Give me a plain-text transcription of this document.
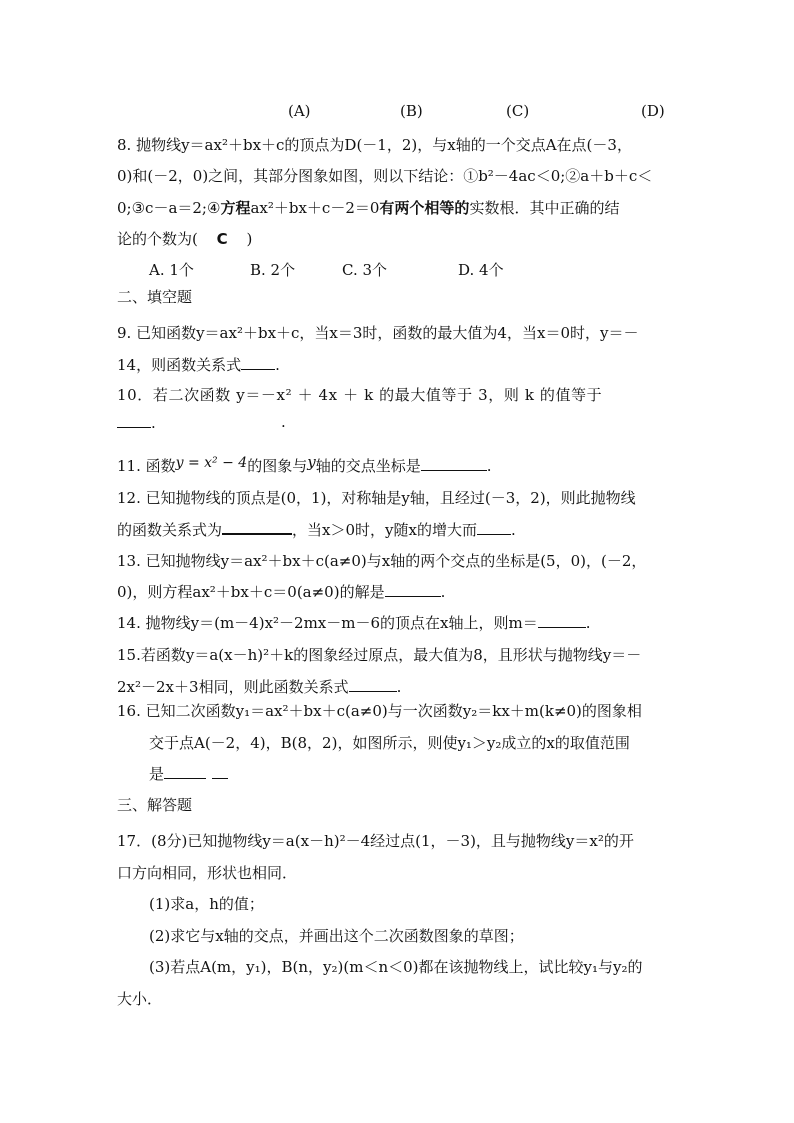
(A)	(B)	(C)	(D)
8. 抛物线y＝ax²＋bx＋c的顶点为D(－1，2)，与x轴的一个交点A在点(－3，
0)和(－2，0)之间，其部分图象如图，则以下结论：①b²－4ac＜0;②a＋b＋c＜
0;③c－a＝2;④方程ax²＋bx＋c－2＝0有两个相等的实数根．其中正确的结
论的个数为( C )
A. 1个	B. 2个	C. 3个	D. 4个
二、填空题
9. 已知函数y＝ax²＋bx＋c，当x＝3时，函数的最大值为4，当x＝0时，y＝－
14，则函数关系式 .
10．若二次函数 y＝－x² ＋ 4x ＋ k 的最大值等于 3，则 k 的值等于
.	.
11. 函数y = x² − 4的图象与y轴的交点坐标是	.
12. 已知抛物线的顶点是(0，1)，对称轴是y轴，且经过(－3，2)，则此抛物线
的函数关系式为	，当x＞0时，y随x的增大而 .
13. 已知抛物线y＝ax²＋bx＋c(a≠0)与x轴的两个交点的坐标是(5，0)，(－2，
0)，则方程ax²＋bx＋c＝0(a≠0)的解是	.
14. 抛物线y＝(m－4)x²－2mx－m－6的顶点在x轴上，则m＝	.
15.若函数y＝a(x－h)²＋k的图象经过原点，最大值为8，且形状与抛物线y＝－
2x²－2x＋3相同，则此函数关系式	.
16. 已知二次函数y₁＝ax²＋bx＋c(a≠0)与一次函数y₂＝kx＋m(k≠0)的图象相
交于点A(－2，4)，B(8，2)，如图所示，则使y₁＞y₂成立的x的取值范围
是
三、解答题
17．(8分)已知抛物线y＝a(x－h)²－4经过点(1，－3)，且与抛物线y＝x²的开
口方向相同，形状也相同．
(1)求a，h的值；
(2)求它与x轴的交点，并画出这个二次函数图象的草图；
(3)若点A(m，y₁)，B(n，y₂)(m＜n＜0)都在该抛物线上，试比较y₁与y₂的
大小．
